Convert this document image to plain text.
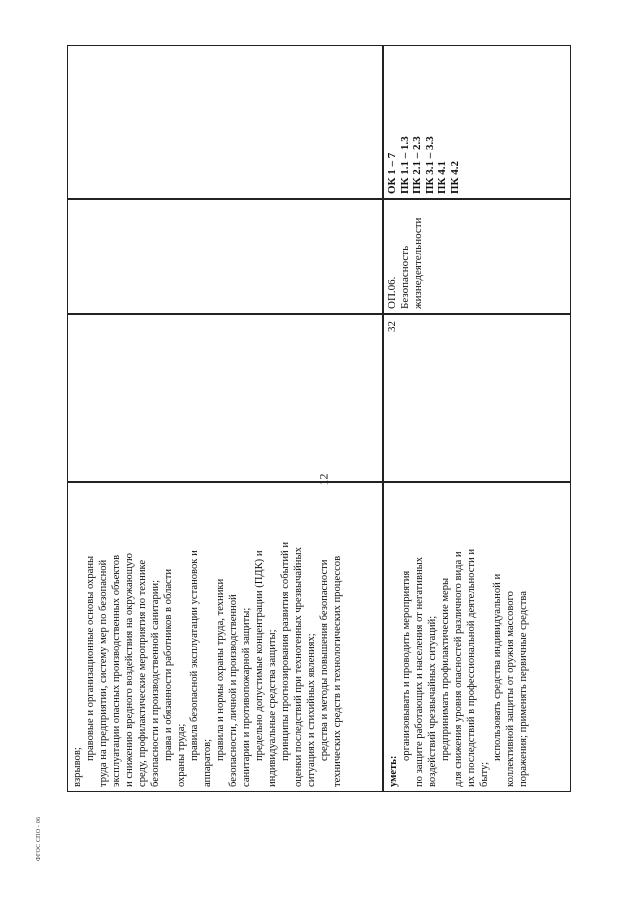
12
взрывов;
правовые и организационные основы охраны труда на предприятии, систему мер по безопасной эксплуатации опасных производственных объектов и снижению вредного воздействия на окружающую среду, профилактические мероприятия по технике безопасности и производственной санитарии; права и обязанности работников в области охраны труда; правила безопасной эксплуатации установок и
аппаратов;
правила и нормы охраны труда, техники безопасности, личной и производственной санитарии и противопожарной защиты; предельно допустимые концентрации (ПДК) и индивидуальные средства защиты; принципы прогнозирования развития событий и оценки последствий при техногенных чрезвычайных ситуациях и стихийных явлениях; средства и методы повышения безопасности технических средств и технологических процессов	уметь:
организовывать и проводить мероприятия по защите работающих и населения от негативных воздействий чрезвычайных ситуаций; предпринимать профилактические меры для снижения уровня опасностей различного вида и их последствий в профессиональной деятельности и быту;
использовать средства индивидуальной и коллективной защиты от оружия массового поражения; применять первичные средства
32
ОП.06. Безопасность жизнедеятельности
ОК 1 – 7 ПК 1.1 – 1.3 ПК 2.1 – 2.3 ПК 3.1 – 3.3 ПК 4.1 ПК 4.2
ФГОС СПО - 06
